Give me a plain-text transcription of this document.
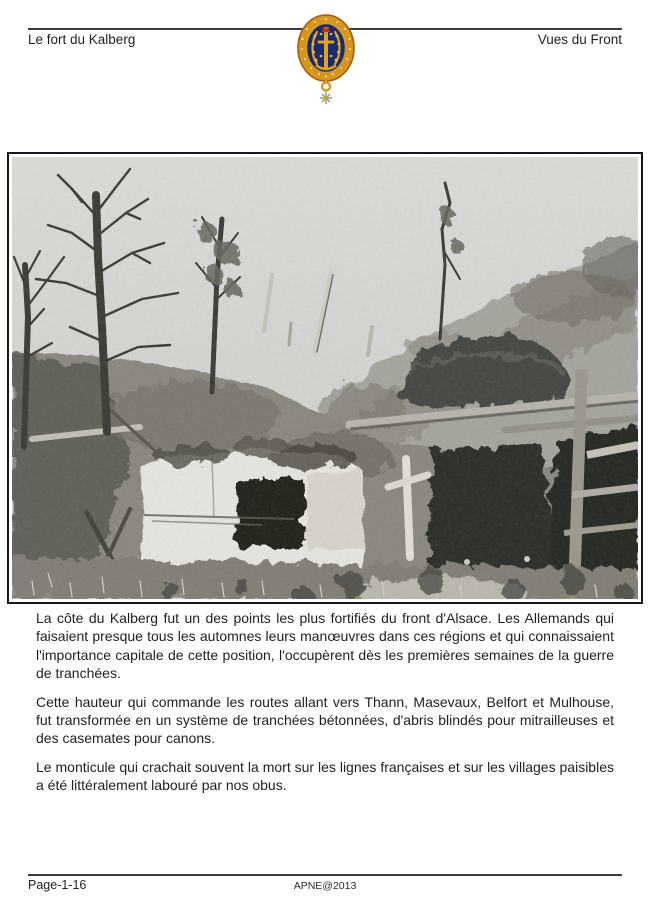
Le fort du Kalberg	Vues du Front

La côte du Kalberg fut un des points les plus fortifiés du front d'Alsace. Les Allemands qui faisaient presque tous les automnes leurs manœuvres dans ces régions et qui connaissaient l'importance capitale de cette position, l'occupèrent dès les premières semaines de la guerre de tranchées.

Cette hauteur qui commande les routes allant vers Thann, Masevaux, Belfort et Mulhouse, fut transformée en un système de tranchées bétonnées, d'abris blindés pour mitrailleuses et des casemates pour canons.

Le monticule qui crachait souvent la mort sur les lignes françaises et sur les villages paisibles a été littéralement labouré par nos obus.

Page-1-16	APNE@2013
